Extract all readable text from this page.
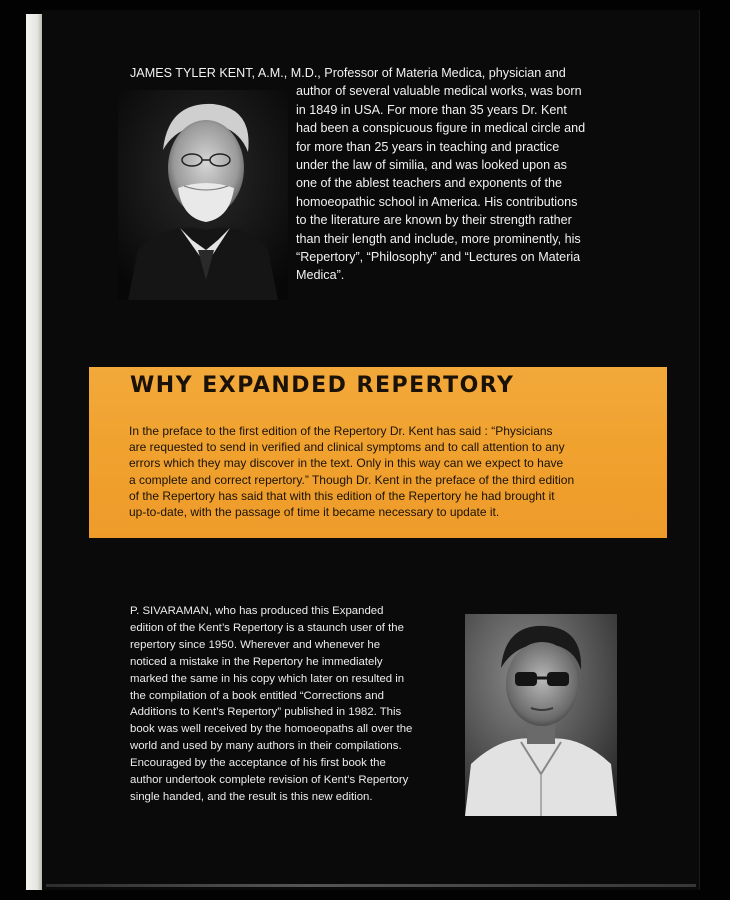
JAMES TYLER KENT, A.M., M.D., Professor of Materia Medica, physician and
author of several valuable medical works, was born
in 1849 in USA. For more than 35 years Dr. Kent
had been a conspicuous figure in medical circle and
for more than 25 years in teaching and practice
under the law of similia, and was looked upon as
one of the ablest teachers and exponents of the
homoeopathic school in America. His contributions
to the literature are known by their strength rather
than their length and include, more prominently, his
“Repertory”, “Philosophy” and “Lectures on Materia
Medica”.
WHY EXPANDED REPERTORY
In the preface to the first edition of the Repertory Dr. Kent has said : “Physicians
are requested to send in verified and clinical symptoms and to call attention to any
errors which they may discover in the text. Only in this way can we expect to have
a complete and correct repertory.” Though Dr. Kent in the preface of the third edition
of the Repertory has said that with this edition of the Repertory he had brought it
up-to-date, with the passage of time it became necessary to update it.
P. SIVARAMAN, who has produced this Expanded
edition of the Kent’s Repertory is a staunch user of the
repertory since 1950. Wherever and whenever he
noticed a mistake in the Repertory he immediately
marked the same in his copy which later on resulted in
the compilation of a book entitled “Corrections and
Additions to Kent’s Repertory” published in 1982. This
book was well received by the homoeopaths all over the
world and used by many authors in their compilations.
Encouraged by the acceptance of his first book the
author undertook complete revision of Kent’s Repertory
single handed, and the result is this new edition.
